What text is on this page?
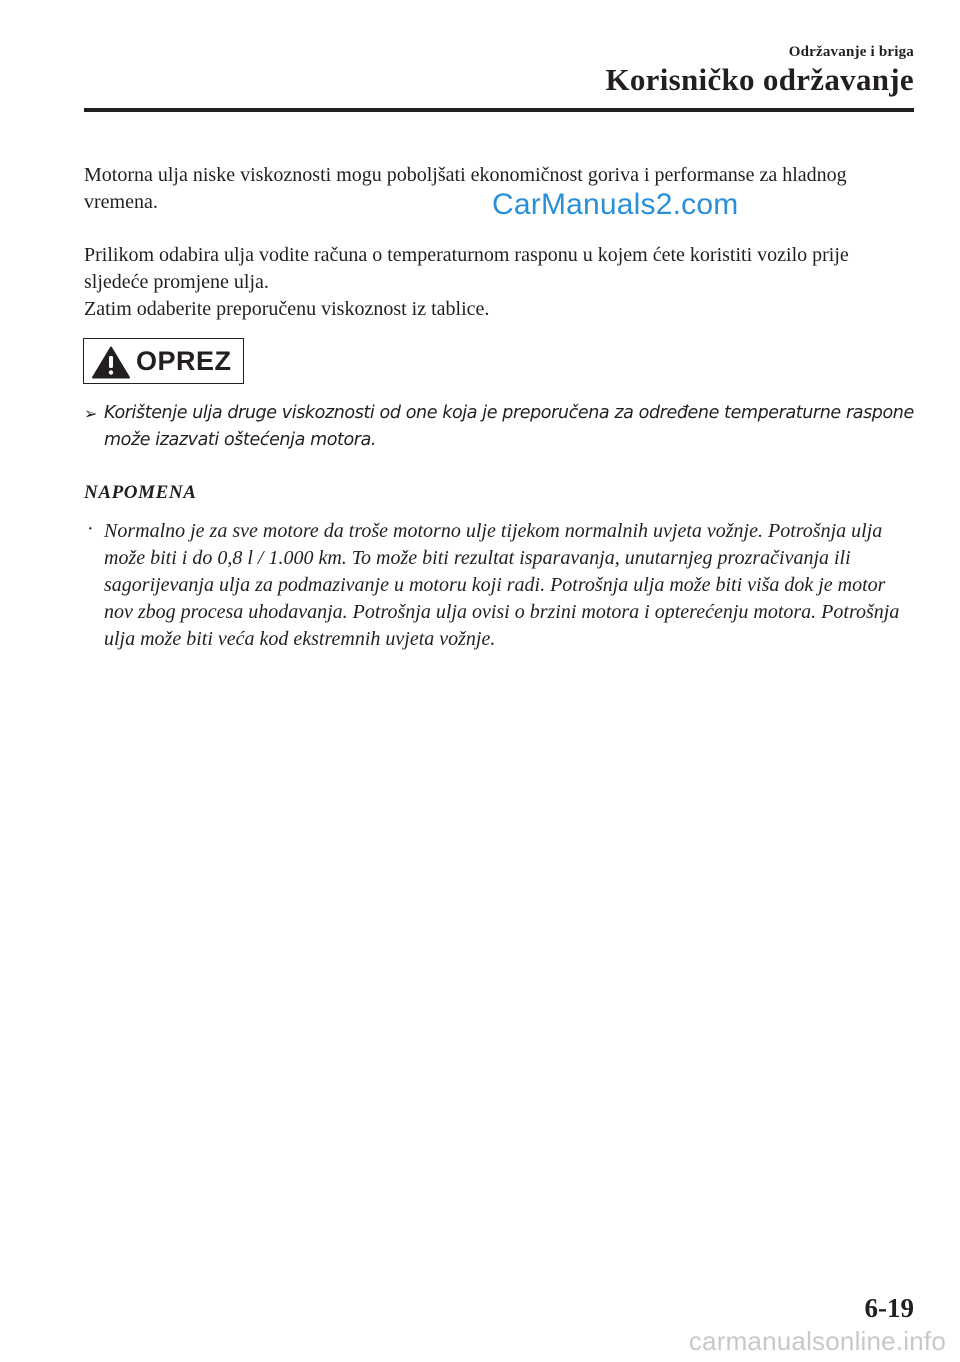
Održavanje i briga
Korisničko održavanje
CarManuals2.com

Motorna ulja niske viskoznosti mogu poboljšati ekonomičnost goriva i performanse za hladnog vremena.

Prilikom odabira ulja vodite računa o temperaturnom rasponu u kojem ćete koristiti vozilo prije sljedeće promjene ulja.

Zatim odaberite preporučenu viskoznost iz tablice.

OPREZ
➢ Korištenje ulja druge viskoznosti od one koja je preporučena za određene temperaturne raspone može izazvati oštećenja motora.
NAPOMENA
· Normalno je za sve motore da troše motorno ulje tijekom normalnih uvjeta vožnje. Potrošnja ulja može biti i do 0,8 l / 1.000 km. To može biti rezultat isparavanja, unutarnjeg prozračivanja ili sagorijevanja ulja za podmazivanje u motoru koji radi. Potrošnja ulja može biti viša dok je motor nov zbog procesa uhodavanja. Potrošnja ulja ovisi o brzini motora i opterećenju motora. Potrošnja ulja može biti veća kod ekstremnih uvjeta vožnje.
6-19
carmanualsonline.info
